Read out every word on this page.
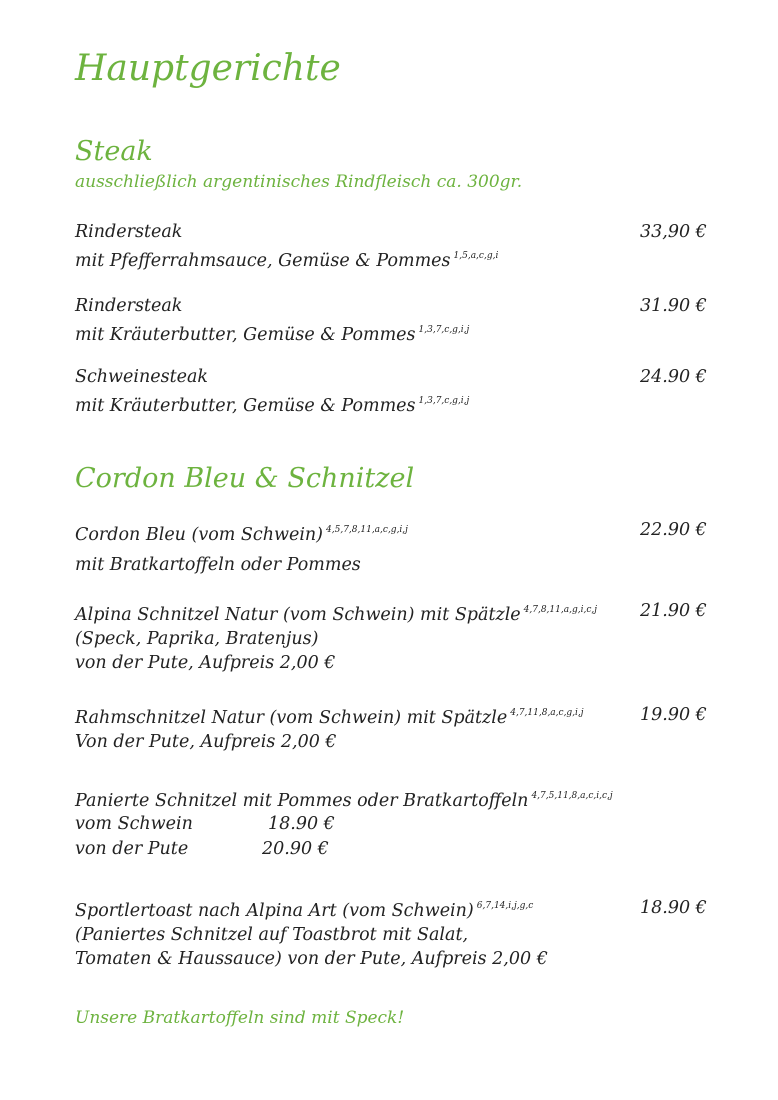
Hauptgerichte
Steak
ausschließlich argentinisches Rindfleisch ca. 300gr.
Rindersteak
mit Pfefferrahmsauce, Gemüse & Pommes $^{1,5,a,c,g,i}$
33,90 €
Rindersteak
mit Kräuterbutter, Gemüse & Pommes $^{1,3,7,c,g,i,j}$
31.90 €
Schweinesteak
mit Kräuterbutter, Gemüse & Pommes $^{1,3,7,c,g,i,j}$
24.90 €
Cordon Bleu & Schnitzel
Cordon Bleu (vom Schwein) $^{4,5,7,8,11,a,c,g,i,j}$
mit Bratkartoffeln oder Pommes
22.90 €
Alpina Schnitzel Natur (vom Schwein) mit Spätzle $^{4,7,8,11,a,g,i,c,j}$
(Speck, Paprika, Bratenjus)
von der Pute, Aufpreis 2,00 €
21.90 €
Rahmschnitzel Natur (vom Schwein) mit Spätzle $^{4,7,11,8,a,c,g,i,j}$
Von der Pute, Aufpreis 2,00 €
19.90 €
Panierte Schnitzel mit Pommes oder Bratkartoffeln $^{4,7,5,11,8,a,c,i,c,j}$
vom Schwein	18.90 €
von der Pute	20.90 €
Sportlertoast nach Alpina Art (vom Schwein) $^{6,7,14,i,j,g,c}$
(Paniertes Schnitzel auf Toastbrot mit Salat,
Tomaten & Haussauce) von der Pute, Aufpreis 2,00 €
18.90 €
Unsere Bratkartoffeln sind mit Speck!
